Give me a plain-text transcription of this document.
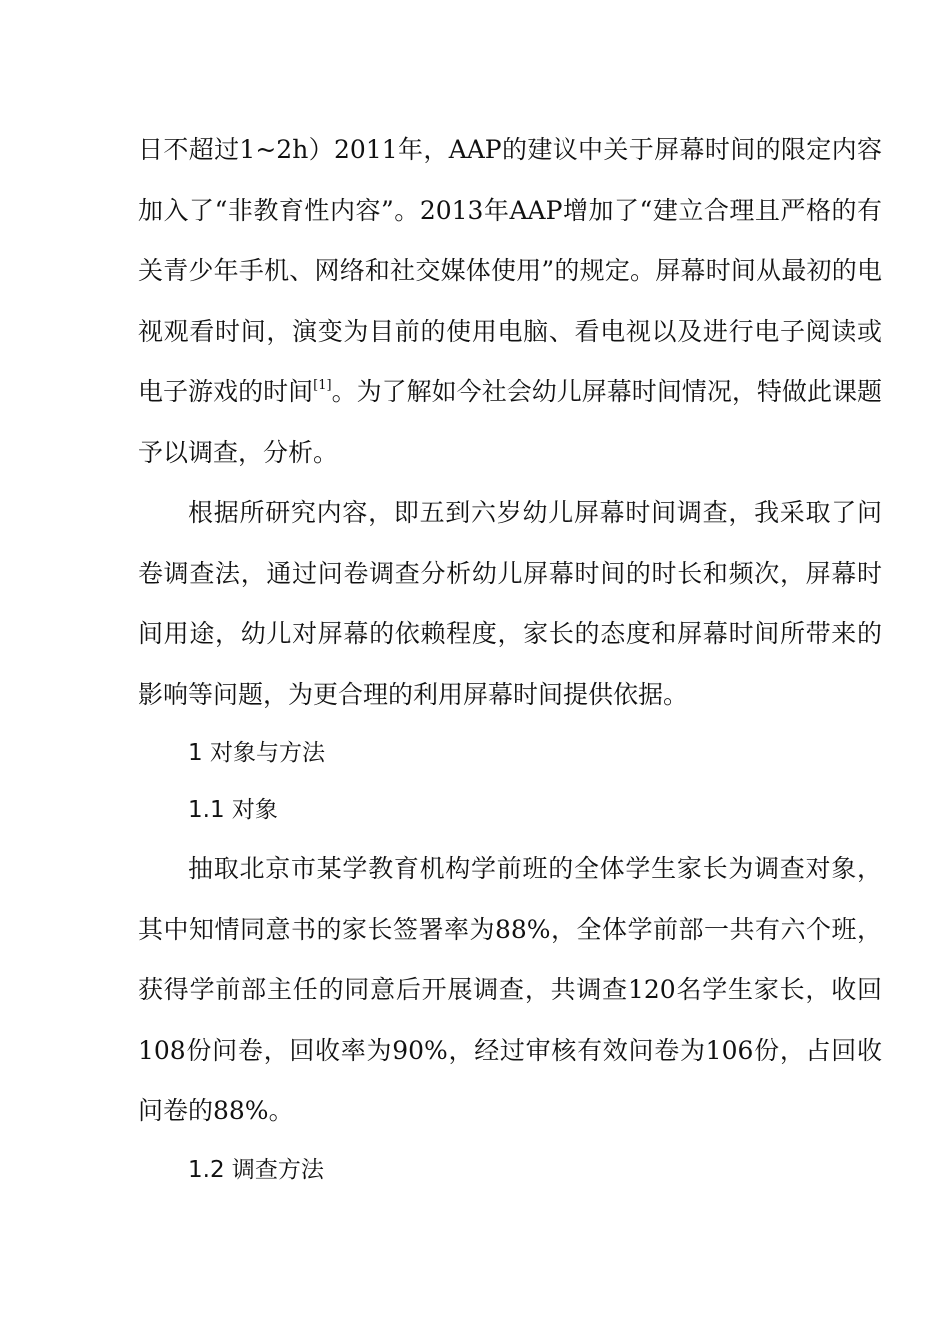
日不超过1~2h）2011年，AAP的建议中关于屏幕时间的限定内容加入了“非教育性内容”。2013年AAP增加了“建立合理且严格的有关青少年手机、网络和社交媒体使用”的规定。屏幕时间从最初的电视观看时间，演变为目前的使用电脑、看电视以及进行电子阅读或电子游戏的时间[1]。为了解如今社会幼儿屏幕时间情况，特做此课题予以调查，分析。

根据所研究内容，即五到六岁幼儿屏幕时间调查，我采取了问卷调查法，通过问卷调查分析幼儿屏幕时间的时长和频次，屏幕时间用途，幼儿对屏幕的依赖程度，家长的态度和屏幕时间所带来的影响等问题，为更合理的利用屏幕时间提供依据。

1 对象与方法

1.1 对象

抽取北京市某学教育机构学前班的全体学生家长为调查对象，其中知情同意书的家长签署率为88%，全体学前部一共有六个班，获得学前部主任的同意后开展调查，共调查120名学生家长，收回108份问卷，回收率为90%，经过审核有效问卷为106份，占回收问卷的88%。

1.2 调查方法
